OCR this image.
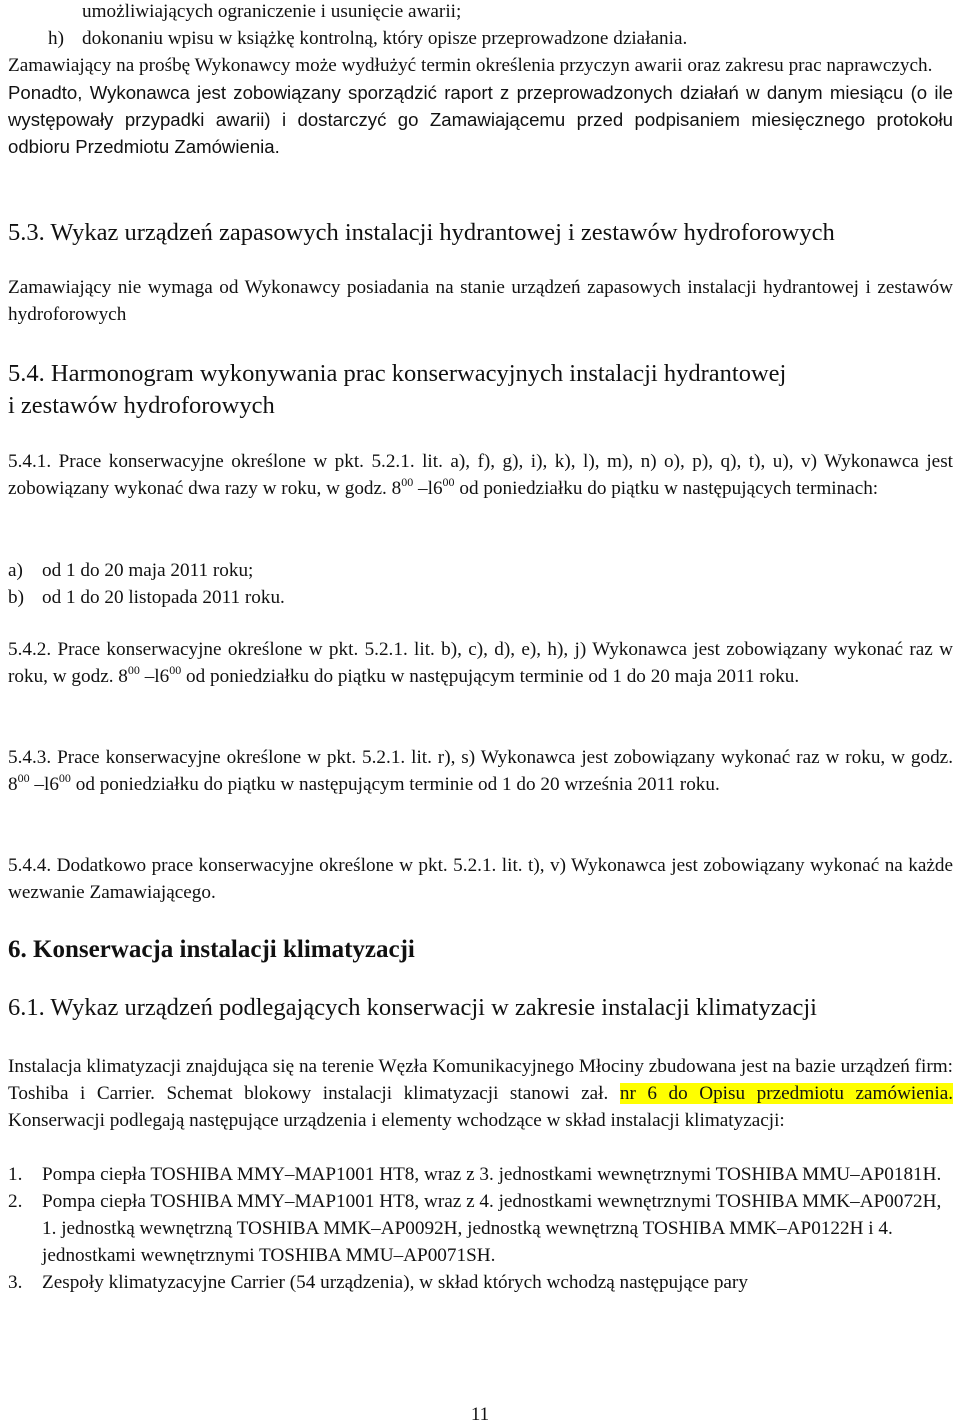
umożliwiających ograniczenie i usunięcie awarii;

h) dokonaniu wpisu w książkę kontrolną, który opisze przeprowadzone działania.

Zamawiający na prośbę Wykonawcy może wydłużyć termin określenia przyczyn awarii oraz zakresu prac naprawczych.

Ponadto, Wykonawca jest zobowiązany sporządzić raport z przeprowadzonych działań w danym miesiącu (o ile występowały przypadki awarii) i dostarczyć go Zamawiającemu przed podpisaniem miesięcznego protokołu odbioru Przedmiotu Zamówienia.

5.3. Wykaz urządzeń zapasowych instalacji hydrantowej i zestawów hydroforowych

Zamawiający nie wymaga od Wykonawcy posiadania na stanie urządzeń zapasowych instalacji hydrantowej i zestawów hydroforowych

5.4. Harmonogram wykonywania prac konserwacyjnych instalacji hydrantowej

i zestawów hydroforowych

5.4.1. Prace konserwacyjne określone w pkt. 5.2.1. lit. a), f), g), i), k), l), m), n) o), p), q), t), u), v) Wykonawca jest zobowiązany wykonać dwa razy w roku, w godz. $8^{00}$ $-l6^{00}$ od poniedziałku do piątku w następujących terminach:

a) od 1 do 20 maja 2011 roku;
b) od 1 do 20 listopada 2011 roku.

5.4.2. Prace konserwacyjne określone w pkt. 5.2.1. lit. b), c), d), e), h), j) Wykonawca jest zobowiązany wykonać raz w roku, w godz. $8^{00}$ $-l6^{00}$ od poniedziałku do piątku w następującym terminie od 1 do 20 maja 2011 roku.

5.4.3. Prace konserwacyjne określone w pkt. 5.2.1. lit. r), s) Wykonawca jest zobowiązany wykonać raz w roku, w godz. $8^{00}$ $-l6^{00}$ od poniedziałku do piątku w następującym terminie od 1 do 20 września 2011 roku.

5.4.4. Dodatkowo prace konserwacyjne określone w pkt. 5.2.1. lit. t), v) Wykonawca jest zobowiązany wykonać na każde wezwanie Zamawiającego.

6. Konserwacja instalacji klimatyzacji

6.1. Wykaz urządzeń podlegających konserwacji w zakresie instalacji klimatyzacji

Instalacja klimatyzacji znajdująca się na terenie Węzła Komunikacyjnego Młociny zbudowana jest na bazie urządzeń firm: Toshiba i Carrier. Schemat blokowy instalacji klimatyzacji stanowi zał. nr 6 do Opisu przedmiotu zamówienia. Konserwacji podlegają następujące urządzenia i elementy wchodzące w skład instalacji klimatyzacji:

1.	Pompa ciepła TOSHIBA MMY–MAP1001 HT8, wraz z 3. jednostkami wewnętrznymi TOSHIBA MMU–AP0181H.
2.	Pompa ciepła TOSHIBA MMY–MAP1001 HT8, wraz z 4. jednostkami wewnętrznymi TOSHIBA MMK–AP0072H, 1. jednostką wewnętrzną TOSHIBA MMK–AP0092H, jednostką wewnętrzną TOSHIBA MMK–AP0122H i 4. jednostkami wewnętrznymi TOSHIBA MMU–AP0071SH.
3.	Zespoły klimatyzacyjne Carrier (54 urządzenia), w skład których wchodzą następujące pary
11
